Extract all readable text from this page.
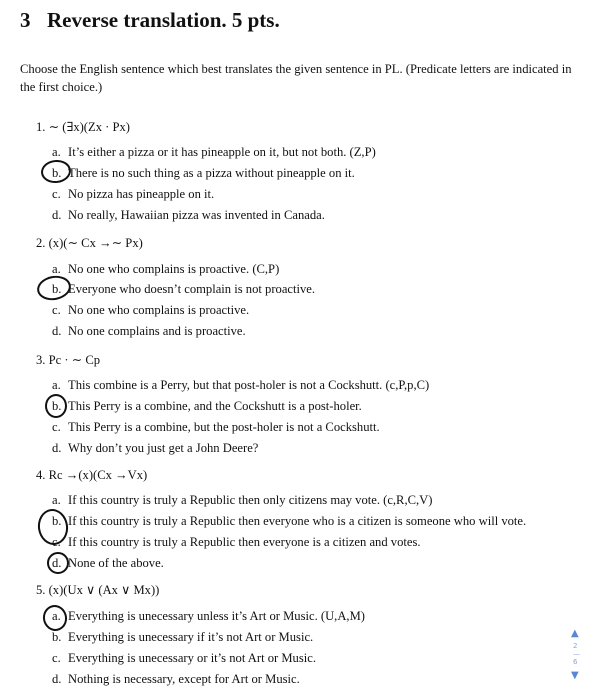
3 Reverse translation. 5 pts.

Choose the English sentence which best translates the given sentence in PL. (Predicate letters are indicated in the first choice.)

1. ∼ (∃x)(Zx · Px)
a. It’s either a pizza or it has pineapple on it, but not both. (Z,P)
b. There is no such thing as a pizza without pineapple on it.
c. No pizza has pineapple on it.
d. No really, Hawaiian pizza was invented in Canada.
2. (x)(∼ Cx →∼ Px)
a. No one who complains is proactive. (C,P)
b. Everyone who doesn’t complain is not proactive.
c. No one who complains is proactive.
d. No one complains and is proactive.
3. Pc · ∼ Cp
a. This combine is a Perry, but that post-holer is not a Cockshutt. (c,P,p,C)
b. This Perry is a combine, and the Cockshutt is a post-holer.
c. This Perry is a combine, but the post-holer is not a Cockshutt.
d. Why don’t you just get a John Deere?
4. Rc →(x)(Cx →Vx)
a. If this country is truly a Republic then only citizens may vote. (c,R,C,V)
b. If this country is truly a Republic then everyone who is a citizen is someone who will vote.
c. If this country is truly a Republic then everyone is a citizen and votes.
d. None of the above.
5. (x)(Ux ∨ (Ax ∨ Mx))
a. Everything is unecessary unless it’s Art or Music. (U,A,M)
b. Everything is unecessary if it’s not Art or Music.
c. Everything is unecessary or it’s not Art or Music.
d. Nothing is necessary, except for Art or Music.
▲
2
—
6
▼
